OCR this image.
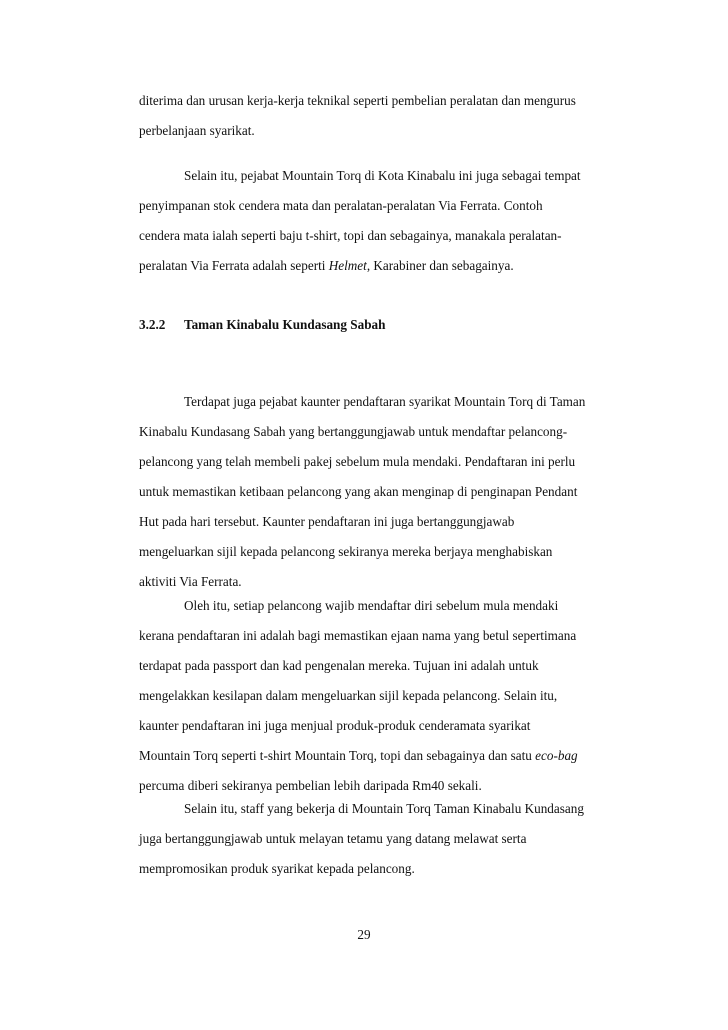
diterima dan urusan kerja-kerja teknikal seperti pembelian peralatan dan mengurus
perbelanjaan syarikat.
Selain itu, pejabat Mountain Torq di Kota Kinabalu ini juga sebagai tempat
penyimpanan stok cendera mata dan peralatan-peralatan Via Ferrata. Contoh
cendera mata ialah seperti baju t-shirt, topi dan sebagainya, manakala peralatan-
peralatan Via Ferrata adalah seperti Helmet, Karabiner dan sebagainya.
3.2.2 Taman Kinabalu Kundasang Sabah
Terdapat juga pejabat kaunter pendaftaran syarikat Mountain Torq di Taman
Kinabalu Kundasang Sabah yang bertanggungjawab untuk mendaftar pelancong-
pelancong yang telah membeli pakej sebelum mula mendaki. Pendaftaran ini perlu
untuk memastikan ketibaan pelancong yang akan menginap di penginapan Pendant
Hut pada hari tersebut. Kaunter pendaftaran ini juga bertanggungjawab
mengeluarkan sijil kepada pelancong sekiranya mereka berjaya menghabiskan
aktiviti Via Ferrata.
Oleh itu, setiap pelancong wajib mendaftar diri sebelum mula mendaki
kerana pendaftaran ini adalah bagi memastikan ejaan nama yang betul sepertimana
terdapat pada passport dan kad pengenalan mereka. Tujuan ini adalah untuk
mengelakkan kesilapan dalam mengeluarkan sijil kepada pelancong. Selain itu,
kaunter pendaftaran ini juga menjual produk-produk cenderamata syarikat
Mountain Torq seperti t-shirt Mountain Torq, topi dan sebagainya dan satu eco-bag
percuma diberi sekiranya pembelian lebih daripada Rm40 sekali.
Selain itu, staff yang bekerja di Mountain Torq Taman Kinabalu Kundasang
juga bertanggungjawab untuk melayan tetamu yang datang melawat serta
mempromosikan produk syarikat kepada pelancong.
29
